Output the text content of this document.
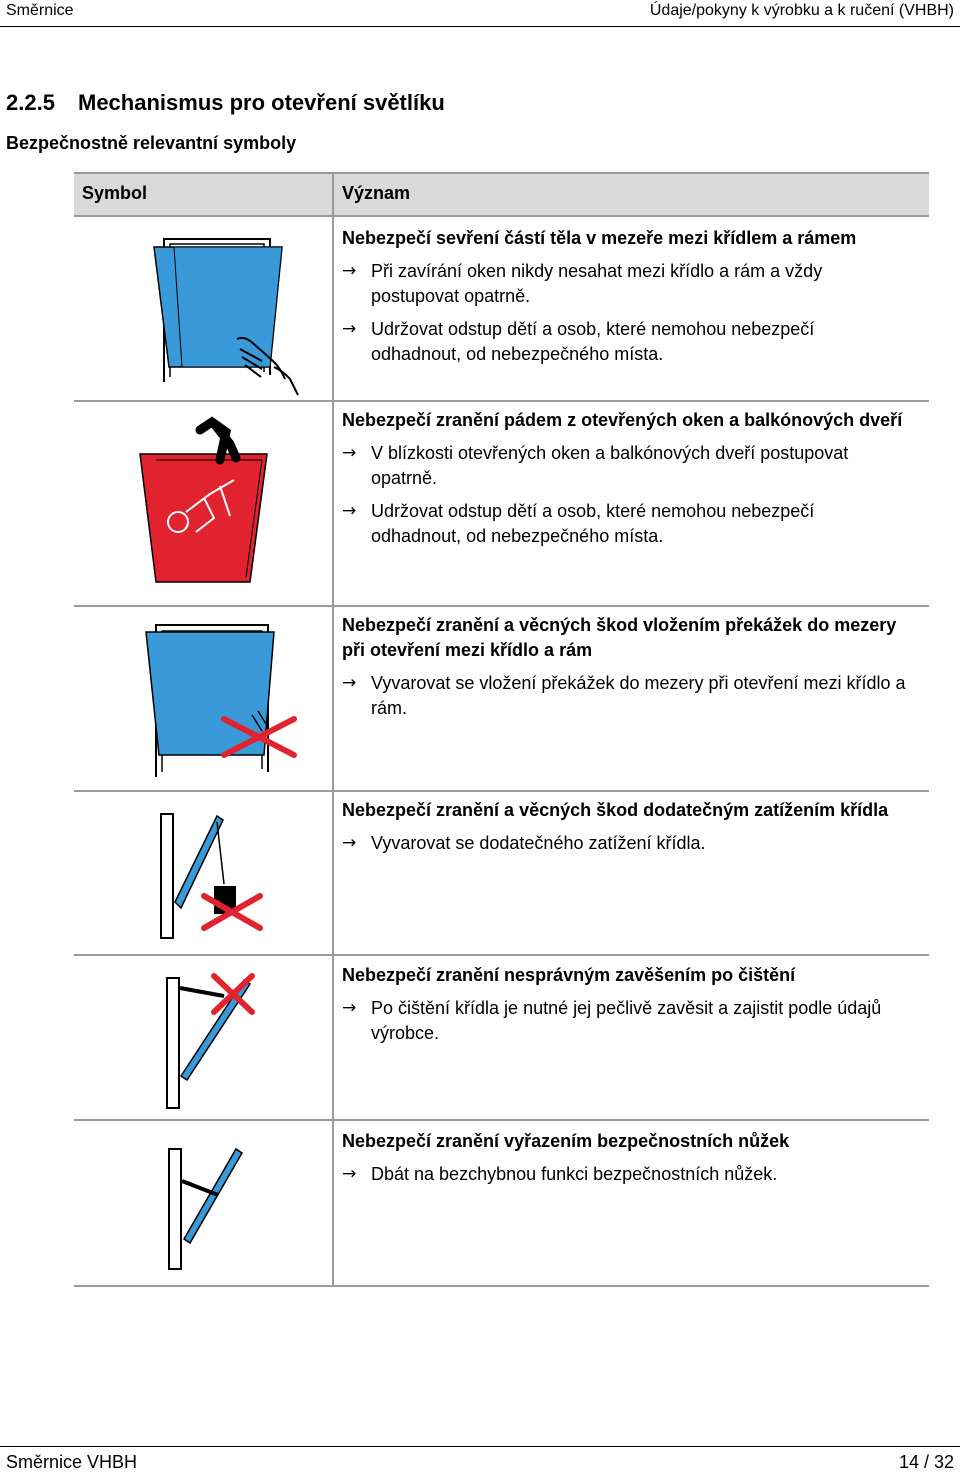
Směrnice	Údaje/pokyny k výrobku a k ručení (VHBH)
2.2.5 Mechanismus pro otevření světlíku
Bezpečnostně relevantní symboly
Symbol	Význam
Nebezpečí sevření částí těla v mezeře mezi křídlem a rámem
→ Při zavírání oken nikdy nesahat mezi křídlo a rám a vždy postupovat opatrně.
→ Udržovat odstup dětí a osob, které nemohou nebezpečí odhadnout, od nebezpečného místa.
Nebezpečí zranění pádem z otevřených oken a balkónových dveří
→ V blízkosti otevřených oken a balkónových dveří postupovat opatrně.
→ Udržovat odstup dětí a osob, které nemohou nebezpečí odhadnout, od nebezpečného místa.
Nebezpečí zranění a věcných škod vložením překážek do mezery při otevření mezi křídlo a rám
→ Vyvarovat se vložení překážek do mezery při otevření mezi křídlo a rám.
Nebezpečí zranění a věcných škod dodatečným zatížením křídla
→ Vyvarovat se dodatečného zatížení křídla.
Nebezpečí zranění nesprávným zavěšením po čištění
→ Po čištění křídla je nutné jej pečlivě zavěsit a zajistit podle údajů výrobce.
Nebezpečí zranění vyřazením bezpečnostních nůžek
→ Dbát na bezchybnou funkci bezpečnostních nůžek.
Směrnice VHBH	14 / 32
